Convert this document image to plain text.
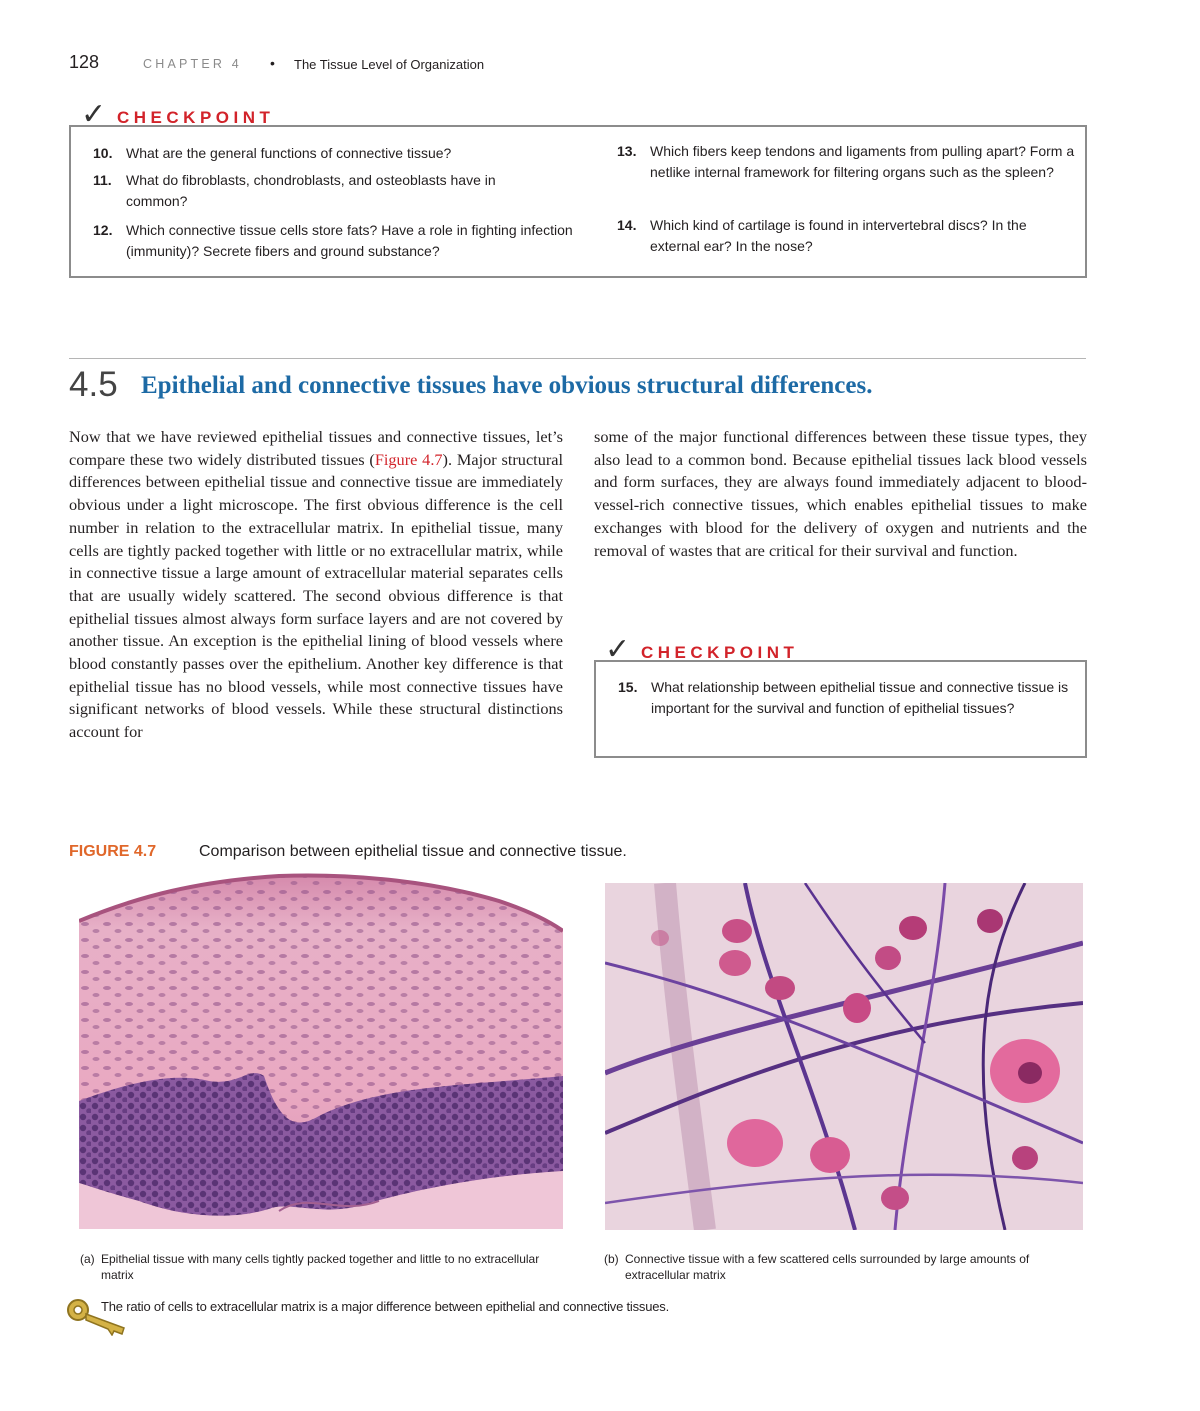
128	CHAPTER 4 • The Tissue Level of Organization
✓ CHECKPOINT
10. What are the general functions of connective tissue?
11.	What do fibroblasts, chondroblasts, and osteoblasts have in common?
12. Which connective tissue cells store fats? Have a role in fighting infection (immunity)? Secrete fibers and ground substance?
13. Which fibers keep tendons and ligaments from pulling apart? Form a netlike internal framework for filtering organs such as the spleen?
14. Which kind of cartilage is found in intervertebral discs? In the external ear? In the nose?
4.5 Epithelial and connective tissues have obvious structural differences.
Now that we have reviewed epithelial tissues and connective tissues, let’s compare these two widely distributed tissues (Figure 4.7). Major structural differences between epithelial tissue and connective tissue are immediately obvious under a light microscope. The first obvious difference is the cell number in relation to the extracellular matrix. In epithelial tissue, many cells are tightly packed together with little or no extracellular matrix, while in connective tissue a large amount of extracellular material separates cells that are usually widely scattered. The second obvious difference is that epithelial tissues almost always form surface layers and are not covered by another tissue. An exception is the epithelial lining of blood vessels where blood constantly passes over the epithelium. Another key difference is that epithelial tissue has no blood vessels, while most connective tissues have significant networks of blood vessels. While these structural distinctions account for
some of the major functional differences between these tissue types, they also lead to a common bond. Because epithelial tissues lack blood vessels and form surfaces, they are always found immediately adjacent to blood-vessel-rich connective tissues, which enables epithelial tissues to make exchanges with blood for the delivery of oxygen and nutrients and the removal of wastes that are critical for their survival and function.
✓ CHECKPOINT
15. What relationship between epithelial tissue and connective tissue is important for the survival and function of epithelial tissues?
FIGURE 4.7	Comparison between epithelial tissue and connective tissue.
(a) Epithelial tissue with many cells tightly packed together and little to no extracellular matrix
(b) Connective tissue with a few scattered cells surrounded by large amounts of extracellular matrix
The ratio of cells to extracellular matrix is a major difference between epithelial and connective tissues.
